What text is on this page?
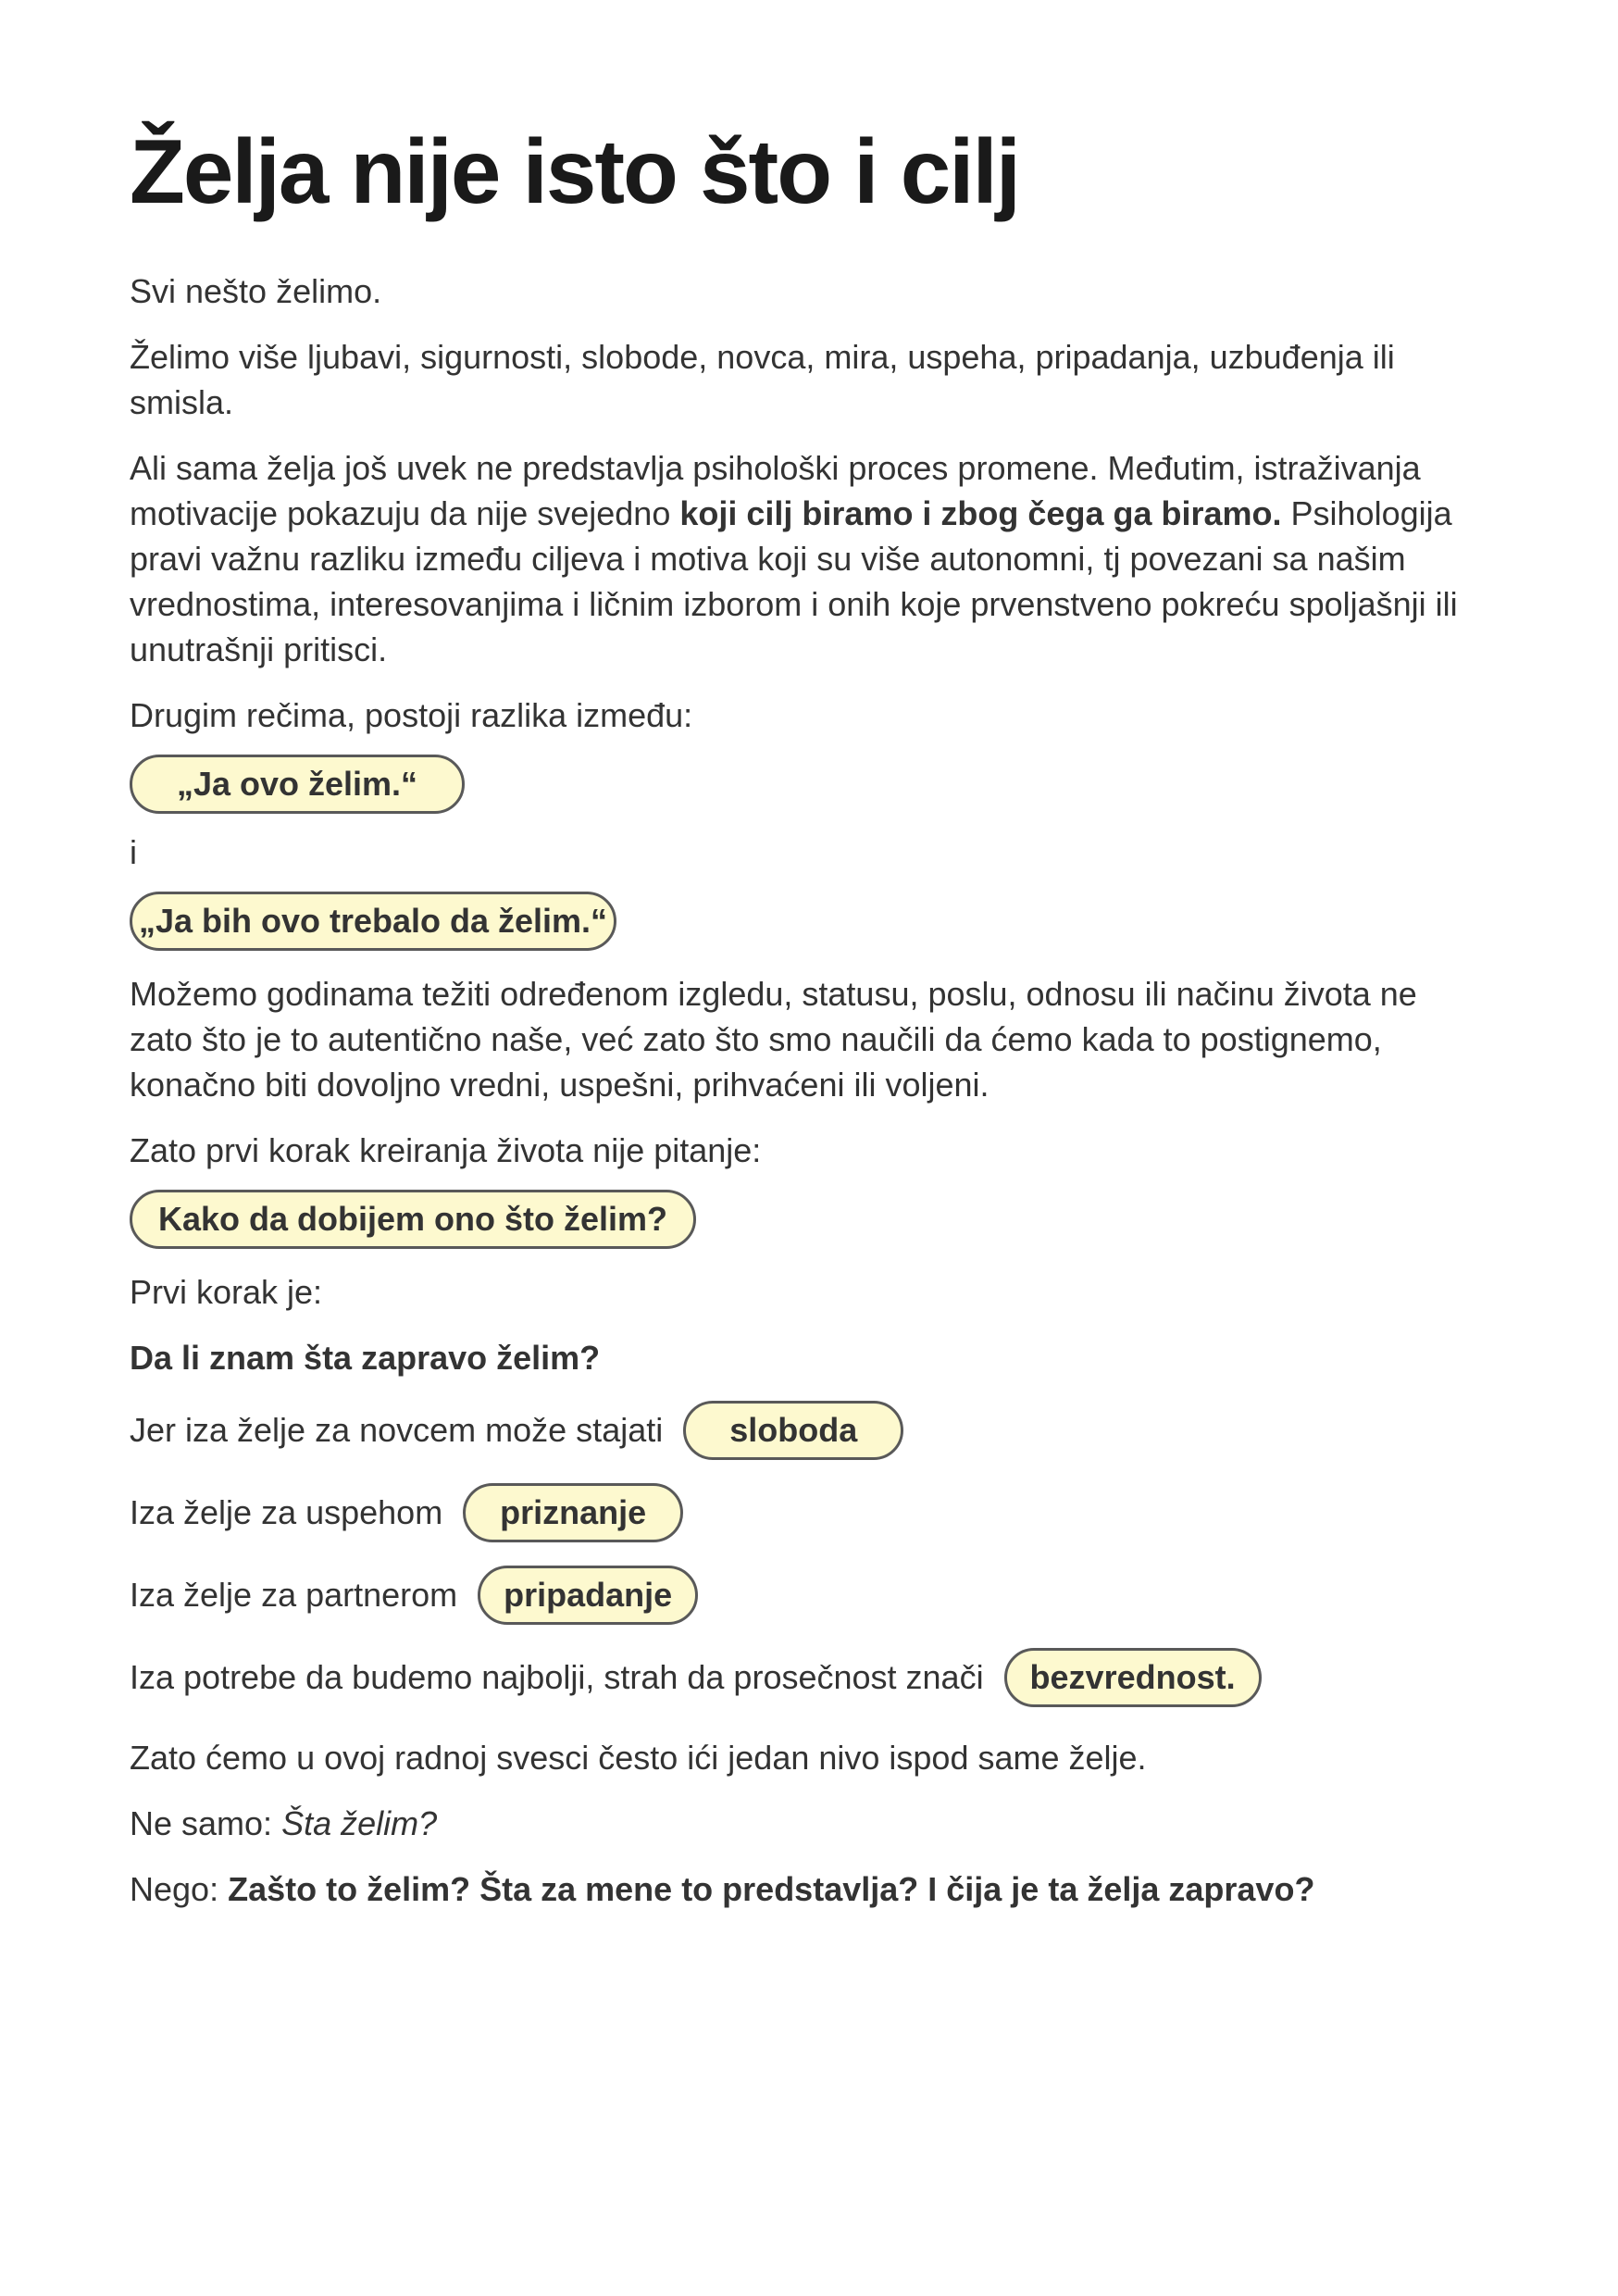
Želja nije isto što i cilj

Svi nešto želimo.

Želimo više ljubavi, sigurnosti, slobode, novca, mira, uspeha, pripadanja, uzbuđenja ili smisla.

Ali sama želja još uvek ne predstavlja psihološki proces promene. Međutim, istraživanja motivacije pokazuju da nije svejedno koji cilj biramo i zbog čega ga biramo. Psihologija pravi važnu razliku između ciljeva i motiva koji su više autonomni, tj povezani sa našim vrednostima, interesovanjima i ličnim izborom i onih koje prvenstveno pokreću spoljašnji ili unutrašnji pritisci.

Drugim rečima, postoji razlika između:

„Ja ovo želim.“
i
„Ja bih ovo trebalo da želim.“

Možemo godinama težiti određenom izgledu, statusu, poslu, odnosu ili načinu života ne zato što je to autentično naše, već zato što smo naučili da ćemo kada to postignemo, konačno biti dovoljno vredni, uspešni, prihvaćeni ili voljeni.

Zato prvi korak kreiranja života nije pitanje:

Kako da dobijem ono što želim?

Prvi korak je:

Da li znam šta zapravo želim?

Jer iza želje za novcem može stajati	sloboda
Iza želje za uspehom	priznanje
Iza želje za partnerom	pripadanje
Iza potrebe da budemo najbolji, strah da prosečnost znači	bezvrednost.

Zato ćemo u ovoj radnoj svesci često ići jedan nivo ispod same želje.

Ne samo: Šta želim?

Nego: Zašto to želim? Šta za mene to predstavlja? I čija je ta želja zapravo?
